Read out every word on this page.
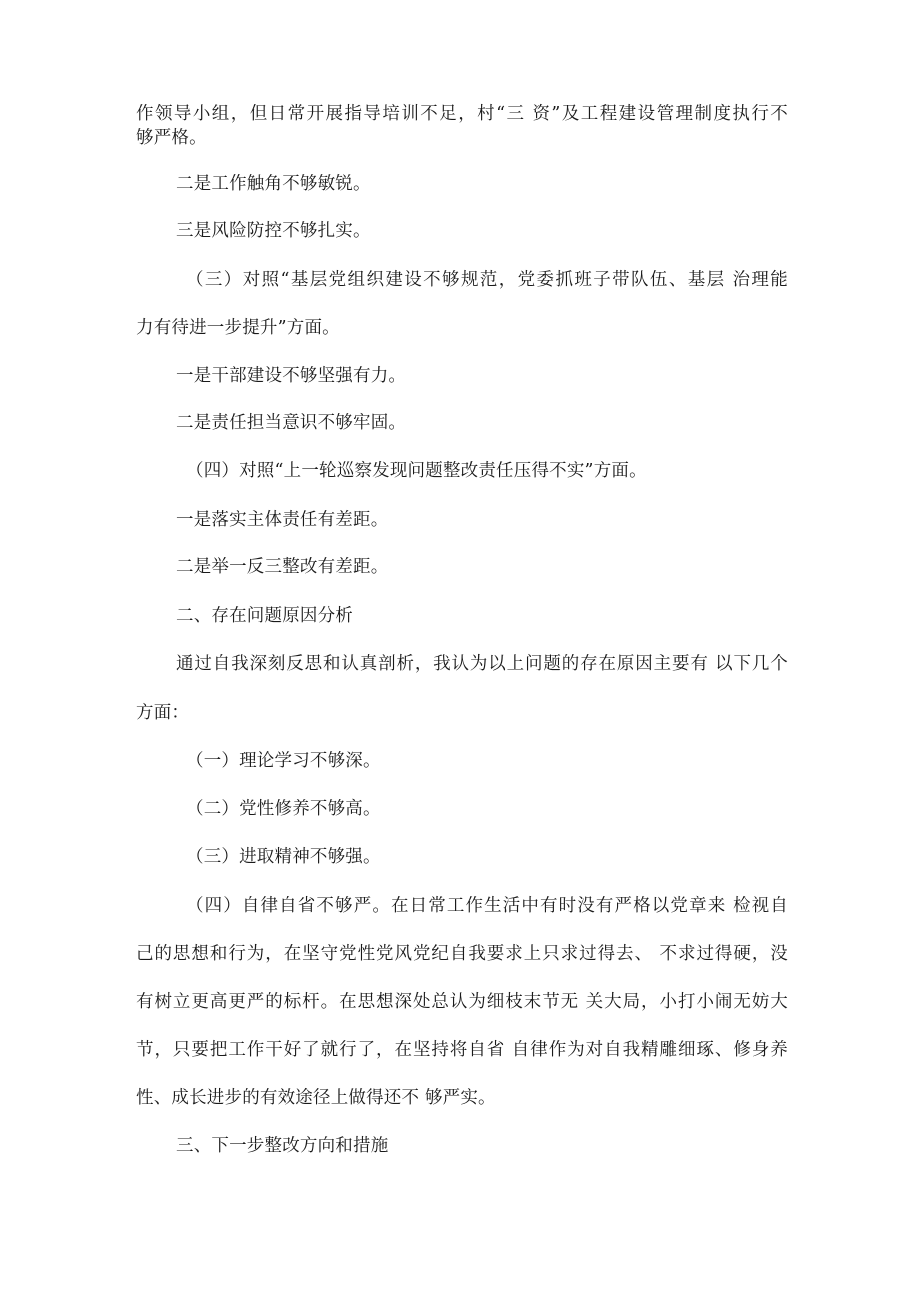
作领导小组，但日常开展指导培训不足，村“三 资”及工程建设管理制度执行不
够严格。
二是工作触角不够敏锐。
三是风险防控不够扎实。
（三）对照“基层党组织建设不够规范，党委抓班子带队伍、基层 治理能
力有待进一步提升”方面。
一是干部建设不够坚强有力。
二是责任担当意识不够牢固。
（四）对照“上一轮巡察发现问题整改责任压得不实”方面。
一是落实主体责任有差距。
二是举一反三整改有差距。
二、存在问题原因分析
通过自我深刻反思和认真剖析，我认为以上问题的存在原因主要有 以下几个
方面：
（一）理论学习不够深。
（二）党性修养不够高。
（三）进取精神不够强。
（四）自律自省不够严。在日常工作生活中有时没有严格以党章来 检视自
己的思想和行为，在坚守党性党风党纪自我要求上只求过得去、 不求过得硬，没
有树立更高更严的标杆。在思想深处总认为细枝末节无 关大局，小打小闹无妨大
节，只要把工作干好了就行了，在坚持将自省 自律作为对自我精雕细琢、修身养
性、成长进步的有效途径上做得还不 够严实。
三、下一步整改方向和措施
